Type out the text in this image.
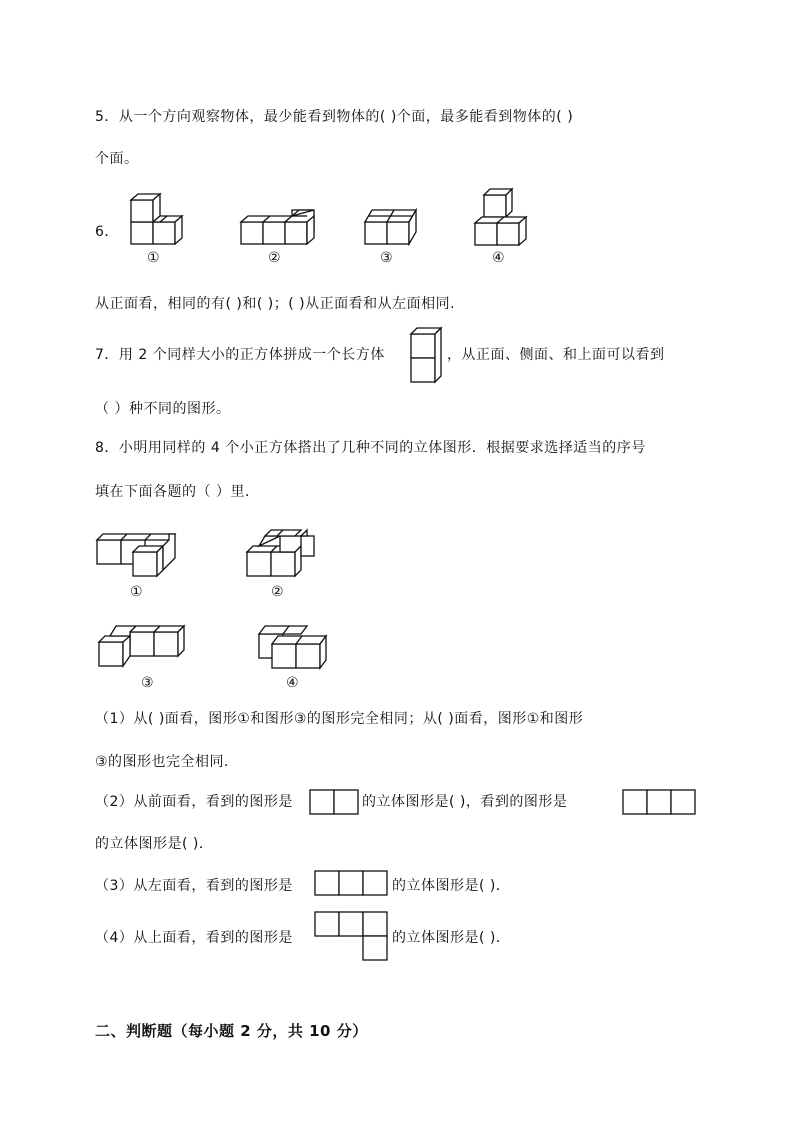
5．从一个方向观察物体，最少能看到物体的( )个面，最多能看到物体的( )
个面。
6．
①	②	③	④
从正面看，相同的有( )和( )；( )从正面看和从左面相同.
7．用 2 个同样大小的正方体拼成一个长方体	，从正面、侧面、和上面可以看到
（ ）种不同的图形。
8．小明用同样的 4 个小正方体搭出了几种不同的立体图形．根据要求选择适当的序号
填在下面各题的（ ）里．
①	②
③	④
（1）从( )面看，图形①和图形③的图形完全相同；从( )面看，图形①和图形
③的图形也完全相同．
（2）从前面看，看到的图形是	的立体图形是( )，看到的图形是
的立体图形是( )．
（3）从左面看，看到的图形是	的立体图形是( )．
（4）从上面看，看到的图形是	的立体图形是( )．
二、判断题（每小题 2 分，共 10 分）
